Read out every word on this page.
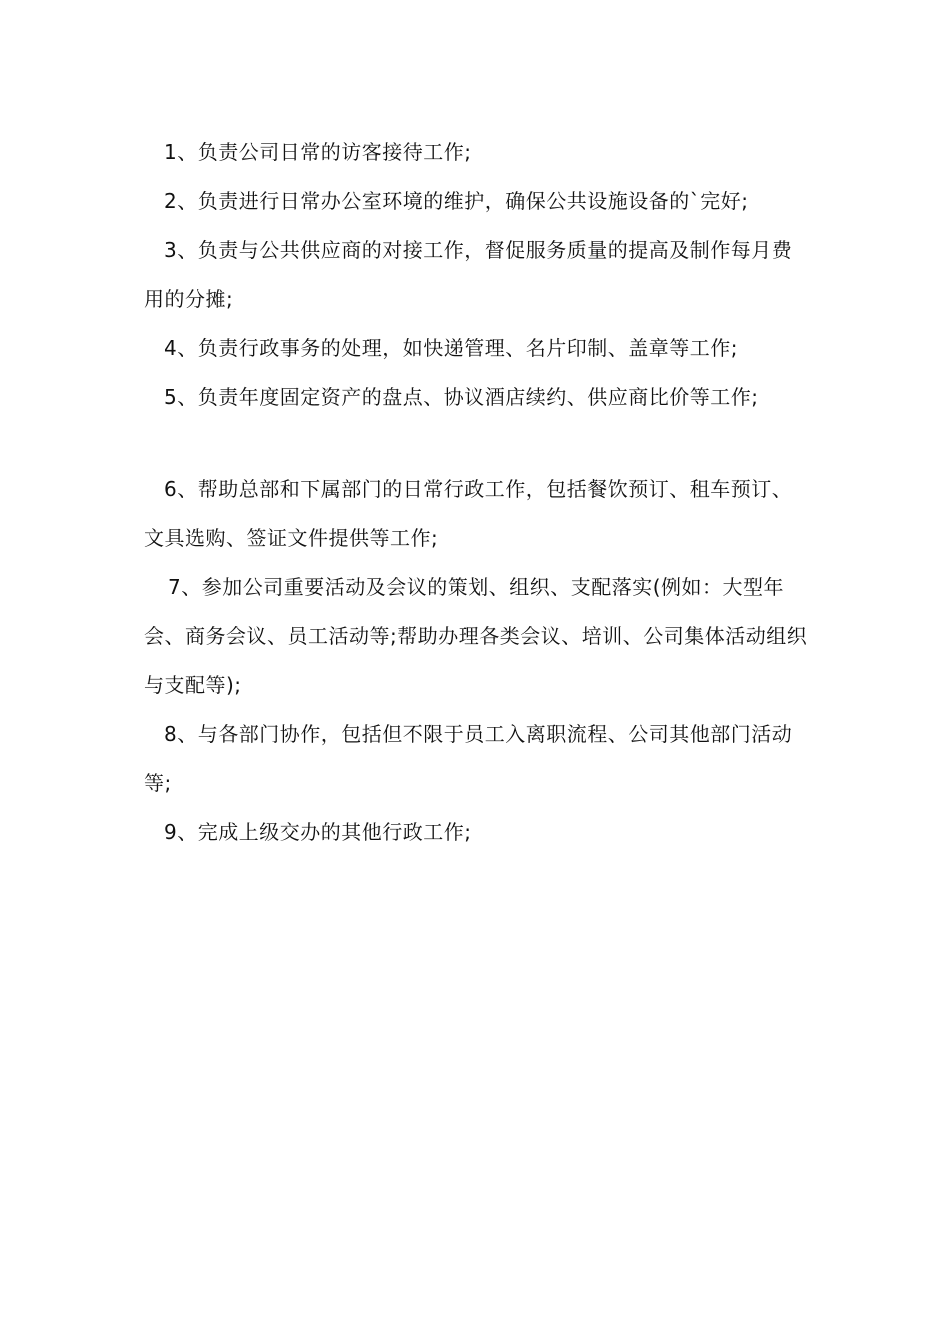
1、负责公司日常的访客接待工作;

2、负责进行日常办公室环境的维护，确保公共设施设备的`完好;

3、负责与公共供应商的对接工作，督促服务质量的提高及制作每月费用的分摊;

4、负责行政事务的处理，如快递管理、名片印制、盖章等工作;

5、负责年度固定资产的盘点、协议酒店续约、供应商比价等工作;

6、帮助总部和下属部门的日常行政工作，包括餐饮预订、租车预订、文具选购、签证文件提供等工作;

7、参加公司重要活动及会议的策划、组织、支配落实(例如：大型年会、商务会议、员工活动等;帮助办理各类会议、培训、公司集体活动组织与支配等);

8、与各部门协作，包括但不限于员工入离职流程、公司其他部门活动等;

9、完成上级交办的其他行政工作;
